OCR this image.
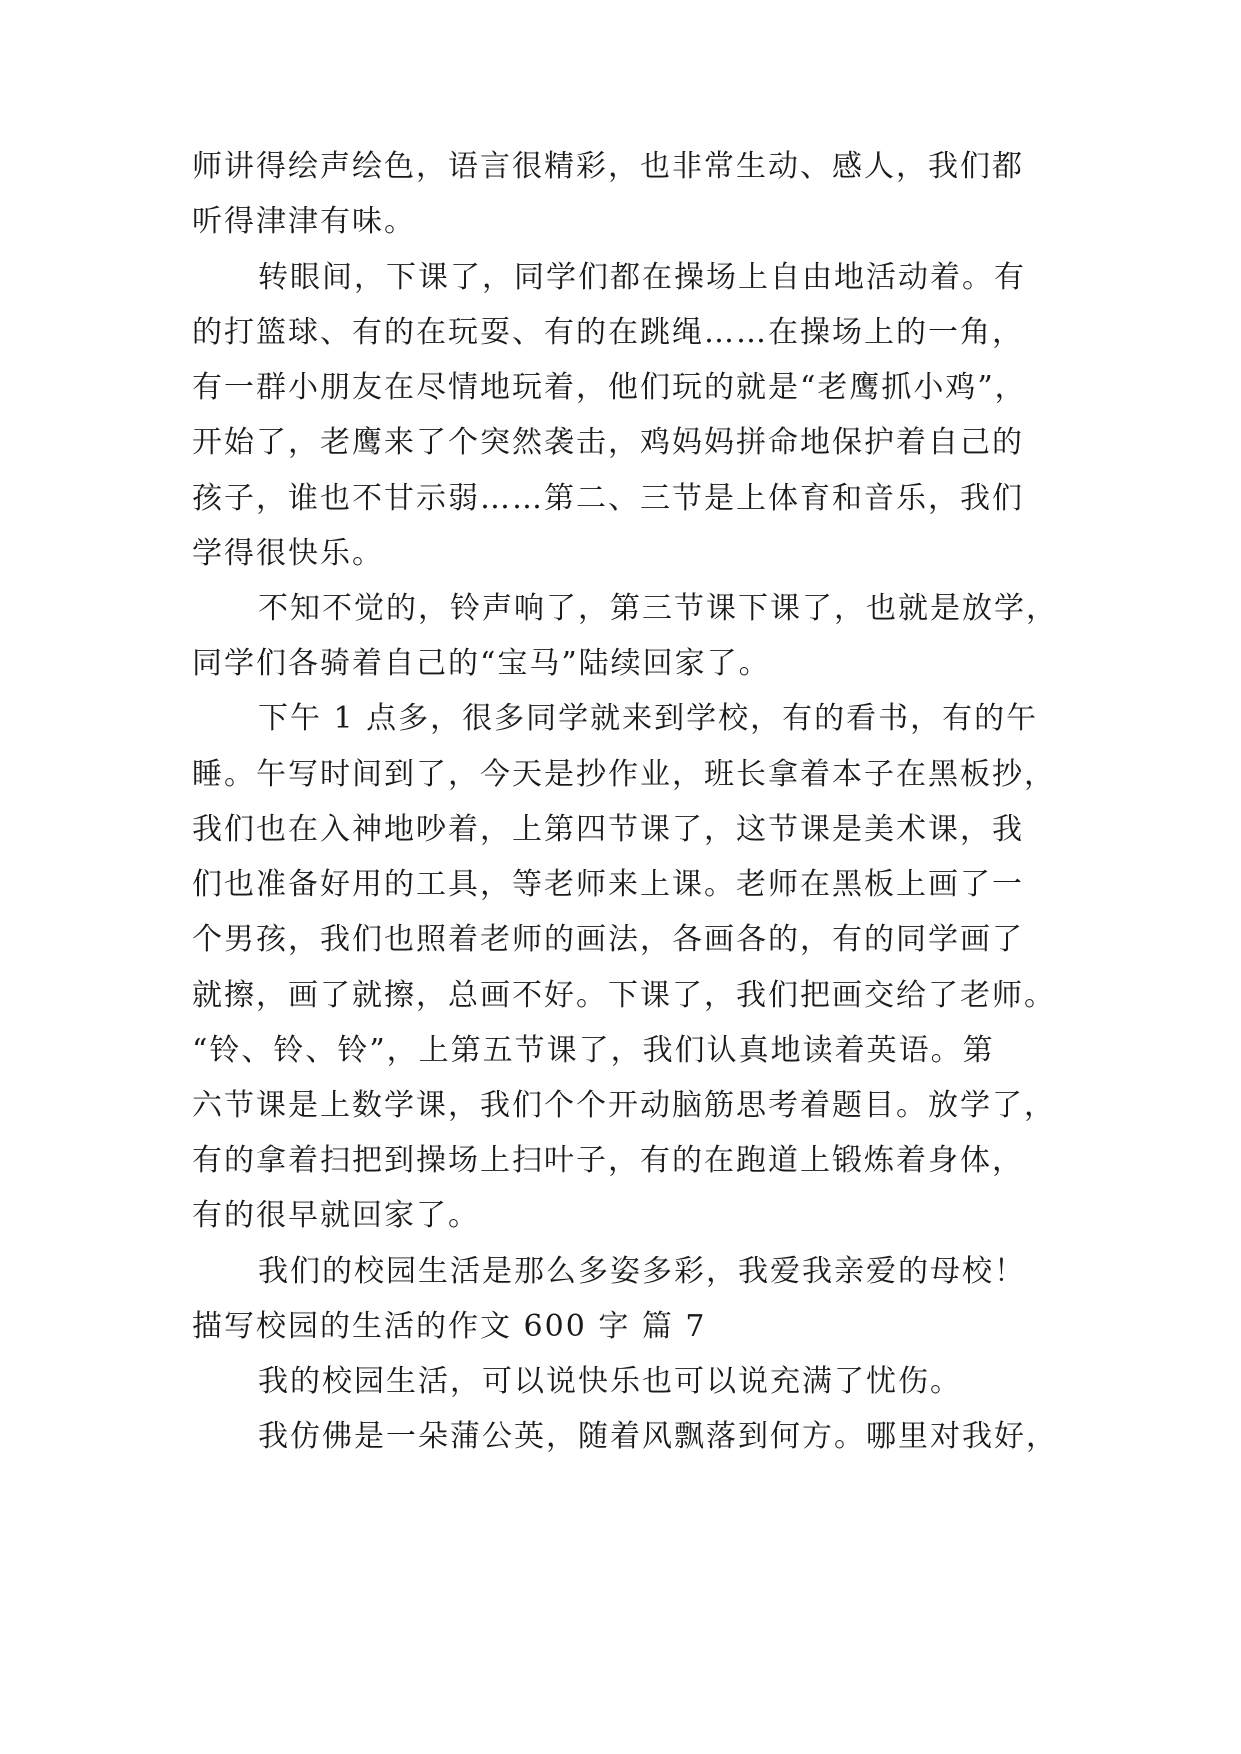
师讲得绘声绘色，语言很精彩，也非常生动、感人，我们都
听得津津有味。
转眼间，下课了，同学们都在操场上自由地活动着。有
的打篮球、有的在玩耍、有的在跳绳……在操场上的一角，
有一群小朋友在尽情地玩着，他们玩的就是“老鹰抓小鸡”，
开始了，老鹰来了个突然袭击，鸡妈妈拼命地保护着自己的
孩子，谁也不甘示弱……第二、三节是上体育和音乐，我们
学得很快乐。
不知不觉的，铃声响了，第三节课下课了，也就是放学，
同学们各骑着自己的“宝马”陆续回家了。
下午 1 点多，很多同学就来到学校，有的看书，有的午
睡。午写时间到了，今天是抄作业，班长拿着本子在黑板抄，
我们也在入神地吵着，上第四节课了，这节课是美术课，我
们也准备好用的工具，等老师来上课。老师在黑板上画了一
个男孩，我们也照着老师的画法，各画各的，有的同学画了
就擦，画了就擦，总画不好。下课了，我们把画交给了老师。
“铃、铃、铃”，上第五节课了，我们认真地读着英语。第
六节课是上数学课，我们个个开动脑筋思考着题目。放学了，
有的拿着扫把到操场上扫叶子，有的在跑道上锻炼着身体，
有的很早就回家了。
我们的校园生活是那么多姿多彩，我爱我亲爱的母校！
描写校园的生活的作文 600 字 篇 7
我的校园生活，可以说快乐也可以说充满了忧伤。
我仿佛是一朵蒲公英，随着风飘落到何方。哪里对我好，
